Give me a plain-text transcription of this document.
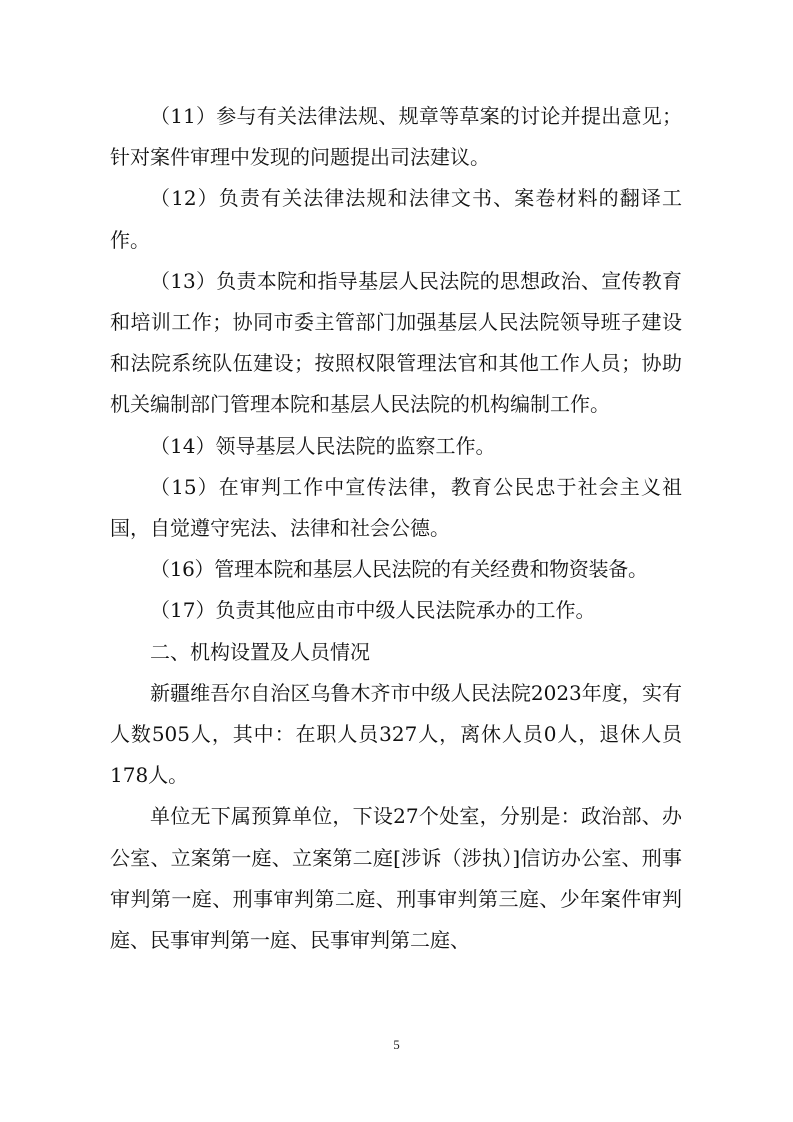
（11）参与有关法律法规、规章等草案的讨论并提出意见；针对案件审理中发现的问题提出司法建议。

（12）负责有关法律法规和法律文书、案卷材料的翻译工作。

（13）负责本院和指导基层人民法院的思想政治、宣传教育和培训工作；协同市委主管部门加强基层人民法院领导班子建设和法院系统队伍建设；按照权限管理法官和其他工作人员；协助机关编制部门管理本院和基层人民法院的机构编制工作。

（14）领导基层人民法院的监察工作。

（15）在审判工作中宣传法律，教育公民忠于社会主义祖国，自觉遵守宪法、法律和社会公德。

（16）管理本院和基层人民法院的有关经费和物资装备。

（17）负责其他应由市中级人民法院承办的工作。

二、机构设置及人员情况

新疆维吾尔自治区乌鲁木齐市中级人民法院2023年度，实有人数505人，其中：在职人员327人，离休人员0人，退休人员178人。

单位无下属预算单位，下设27个处室，分别是：政治部、办公室、立案第一庭、立案第二庭[涉诉（涉执）]信访办公室、刑事审判第一庭、刑事审判第二庭、刑事审判第三庭、少年案件审判庭、民事审判第一庭、民事审判第二庭、

5
